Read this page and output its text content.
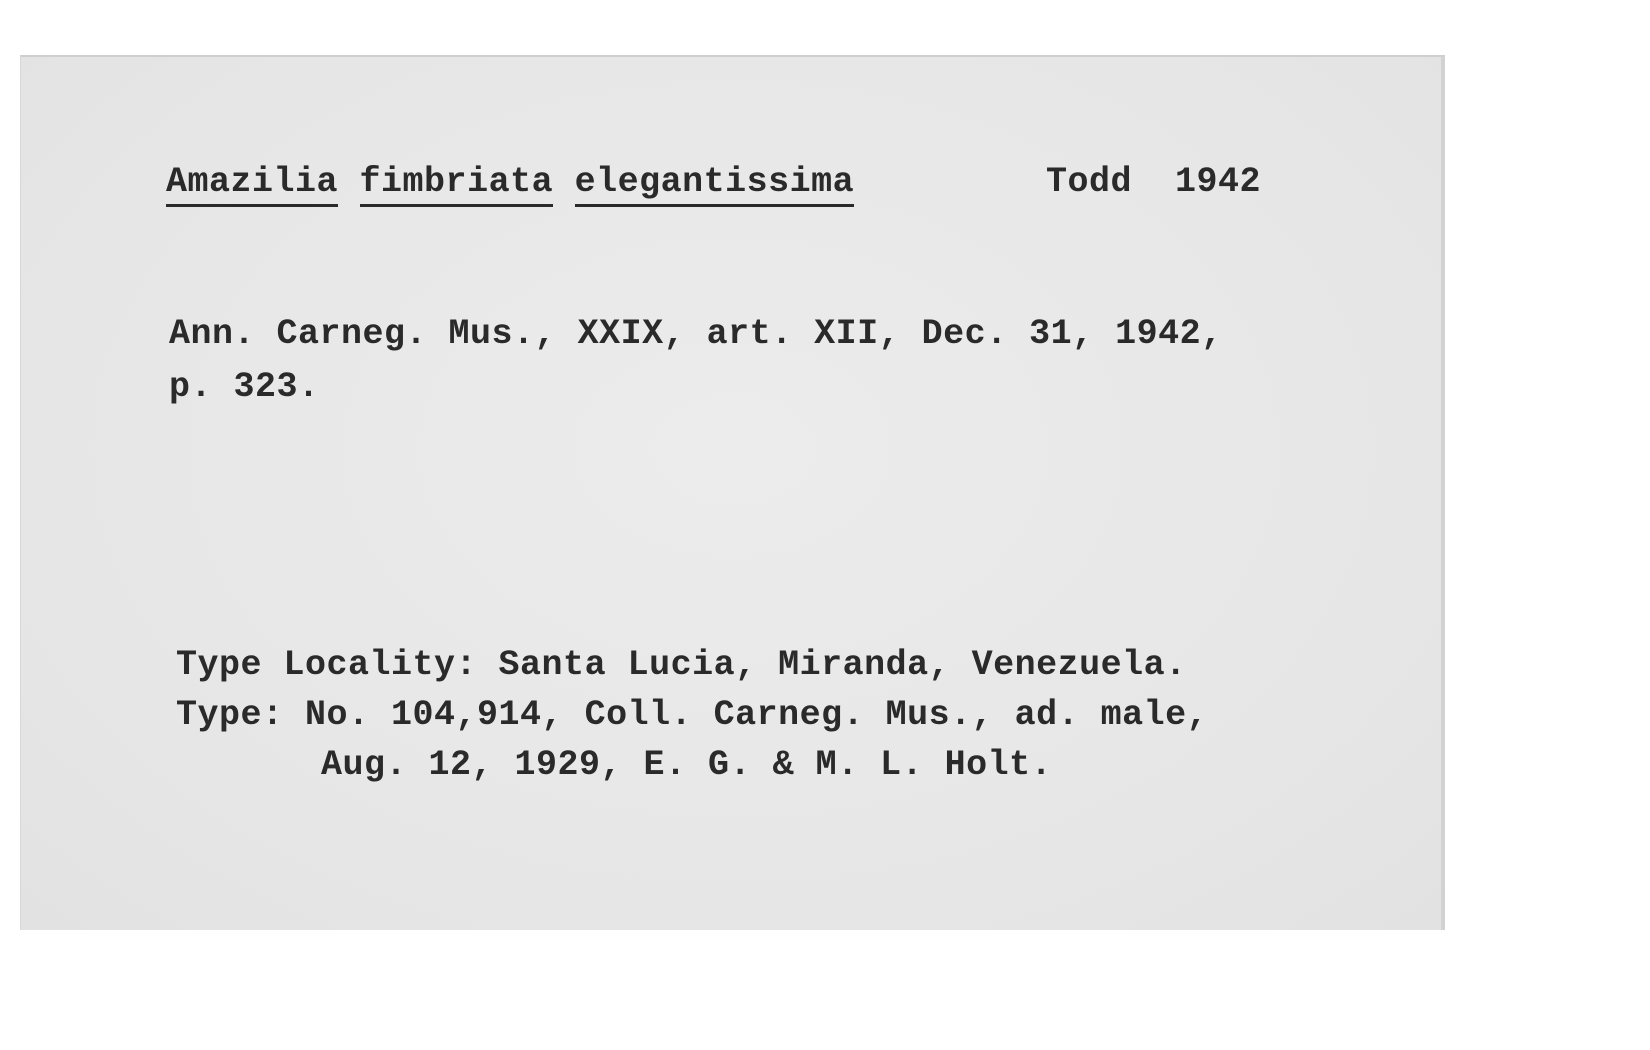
Amazilia fimbriata elegantissima	Todd 1942
Ann. Carneg. Mus., XXIX, art. XII, Dec. 31, 1942,
p. 323.
Type Locality: Santa Lucia, Miranda, Venezuela.
Type: No. 104,914, Coll. Carneg. Mus., ad. male,
Aug. 12, 1929, E. G. & M. L. Holt.
